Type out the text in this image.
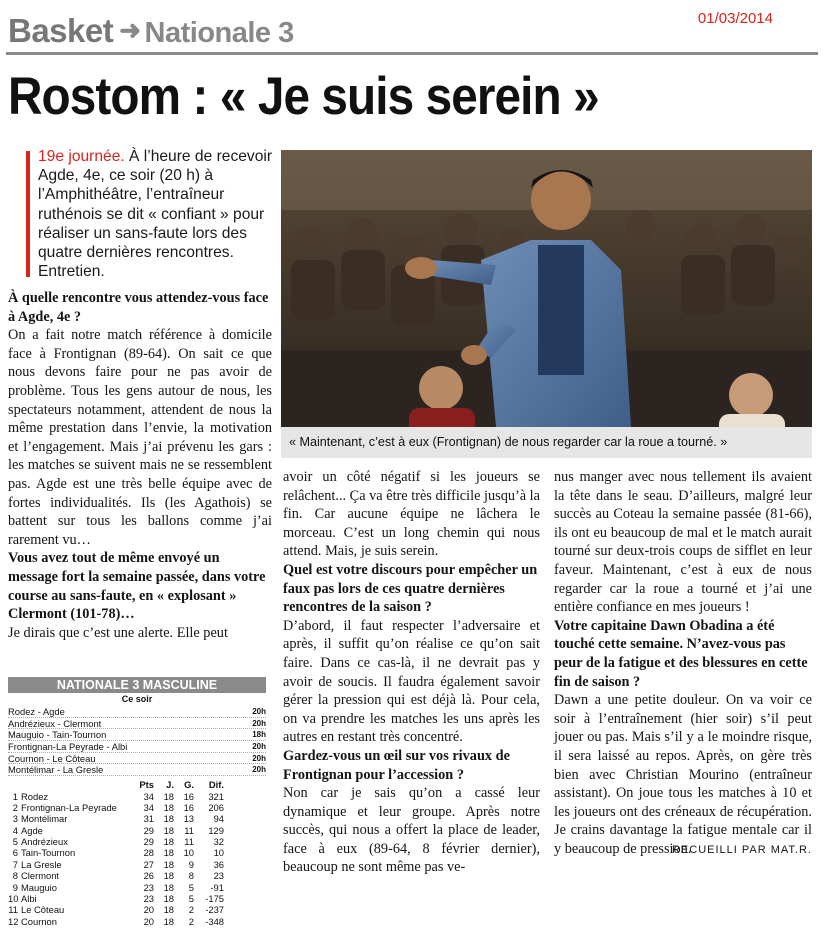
Basket ➜ Nationale 3	01/03/2014
Rostom : « Je suis serein »
19e journée. À l’heure de recevoir Agde, 4e, ce soir (20 h) à l’Amphithéâtre, l’entraîneur ruthénois se dit « confiant » pour réaliser un sans-faute lors des quatre dernières rencontres. Entretien.
« Maintenant, c’est à eux (Frontignan) de nous regarder car la roue a tourné. »

À quelle rencontre vous attendez-vous face à Agde, 4e ?

On a fait notre match référence à domicile face à Frontignan (89-64). On sait ce que nous devons faire pour ne pas avoir de problème. Tous les gens autour de nous, les spectateurs notamment, attendent de nous la même prestation dans l’envie, la motivation et l’engagement. Mais j’ai prévenu les gars : les matches se suivent mais ne se ressemblent pas. Agde est une très belle équipe avec de fortes individualités. Ils (les Agathois) se battent sur tous les ballons comme j’ai rarement vu…

Vous avez tout de même envoyé un message fort la semaine passée, dans votre course au sans-faute, en « explosant » Clermont (101-78)…

Je dirais que c’est une alerte. Elle peut

NATIONALE 3 MASCULINE
Ce soir
Rodez - Agde	20h
Andrézieux - Clermont	20h
Mauguio - Tain-Tournon	18h
Frontignan-La Peyrade - Albi	20h
Cournon - Le Côteau	20h
Montélimar - La Gresle	20h
Pts	J.	G.	Dif.
1 Rodez	34	18	16	321
2 Frontignan-La Peyrade	34	18	16	206
3 Montélimar	31	18	13	94
4 Agde	29	18	11	129
5 Andrézieux	29	18	11	32
6 Tain-Tournon	28	18	10	10
7 La Gresle	27	18	9	36
8 Clermont	26	18	8	23
9 Mauguio	23	18	5	-91
10 Albi	23	18	5	-175
11 Le Côteau	20	18	2	-237
12 Cournon	20	18	2	-348

avoir un côté négatif si les joueurs se relâchent... Ça va être très difficile jusqu’à la fin. Car aucune équipe ne lâchera le morceau. C’est un long chemin qui nous attend. Mais, je suis serein.

Quel est votre discours pour empêcher un faux pas lors de ces quatre dernières rencontres de la saison ?

D’abord, il faut respecter l’adversaire et après, il suffit qu’on réalise ce qu’on sait faire. Dans ce cas-là, il ne devrait pas y avoir de soucis. Il faudra également savoir gérer la pression qui est déjà là. Pour cela, on va prendre les matches les uns après les autres en restant très concentré.

Gardez-vous un œil sur vos rivaux de Frontignan pour l’accession ?

Non car je sais qu’on a cassé leur dynamique et leur groupe. Après notre succès, qui nous a offert la place de leader, face à eux (89-64, 8 février dernier), beaucoup ne sont même pas ve-

nus manger avec nous tellement ils avaient la tête dans le seau. D’ailleurs, malgré leur succès au Coteau la semaine passée (81-66), ils ont eu beaucoup de mal et le match aurait tourné sur deux-trois coups de sifflet en leur faveur. Maintenant, c’est à eux de nous regarder car la roue a tourné et j’ai une entière confiance en mes joueurs !

Votre capitaine Dawn Obadina a été touché cette semaine. N’avez-vous pas peur de la fatigue et des blessures en cette fin de saison ?

Dawn a une petite douleur. On va voir ce soir à l’entraînement (hier soir) s’il peut jouer ou pas. Mais s’il y a le moindre risque, il sera laissé au repos. Après, on gère très bien avec Christian Mourino (entraîneur assistant). On joue tous les matches à 10 et les joueurs ont des créneaux de récupération. Je crains davantage la fatigue mentale car il y beaucoup de pression.

RECUEILLI PAR MAT.R.
